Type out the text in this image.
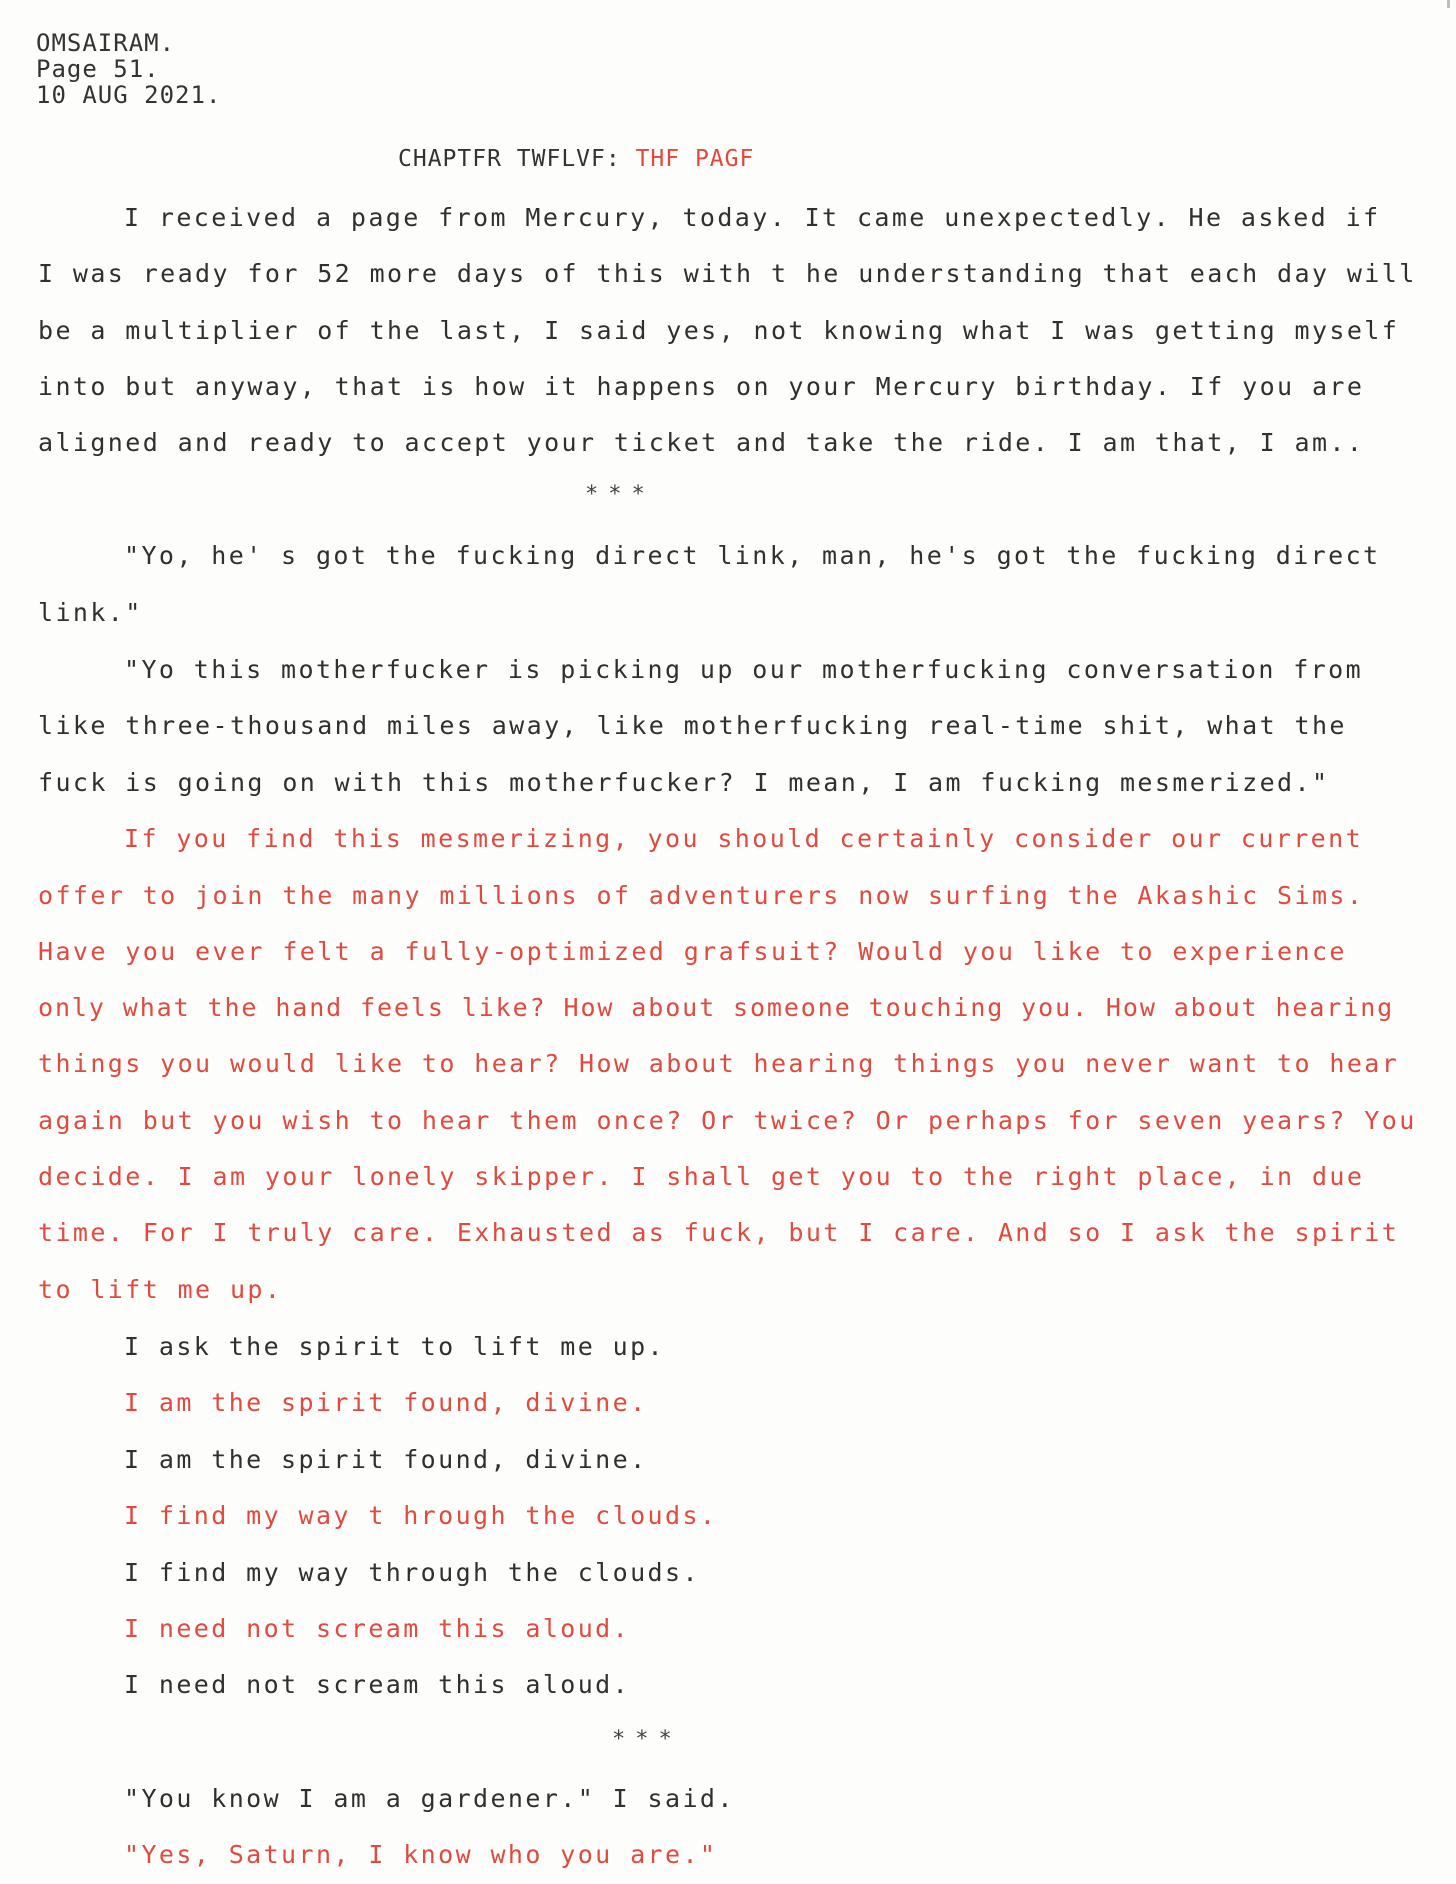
OMSAIRAM.
Page 51.
10 AUG 2021.
CHAPTFR TWFLVF: THF PAGF
I received a page from Mercury, today. It came unexpectedly. He asked if
I was ready for 52 more days of this with t he understanding that each day will
be a multiplier of the last, I said yes, not knowing what I was getting myself
into but anyway, that is how it happens on your Mercury birthday. If you are
aligned and ready to accept your ticket and take the ride. I am that, I am..
***
"Yo, he' s got the fucking direct link, man, he's got the fucking direct
link."
"Yo this motherfucker is picking up our motherfucking conversation from
like three-thousand miles away, like motherfucking real-time shit, what the
fuck is going on with this motherfucker? I mean, I am fucking mesmerized."
If you find this mesmerizing, you should certainly consider our current
offer to join the many millions of adventurers now surfing the Akashic Sims.
Have you ever felt a fully-optimized grafsuit? Would you like to experience
only what the hand feels like? How about someone touching you. How about hearing
things you would like to hear? How about hearing things you never want to hear
again but you wish to hear them once? Or twice? Or perhaps for seven years? You
decide. I am your lonely skipper. I shall get you to the right place, in due
time. For I truly care. Exhausted as fuck, but I care. And so I ask the spirit
to lift me up.
I ask the spirit to lift me up.
I am the spirit found, divine.
I am the spirit found, divine.
I find my way t hrough the clouds.
I find my way through the clouds.
I need not scream this aloud.
I need not scream this aloud.
***
"You know I am a gardener." I said.
"Yes, Saturn, I know who you are."
